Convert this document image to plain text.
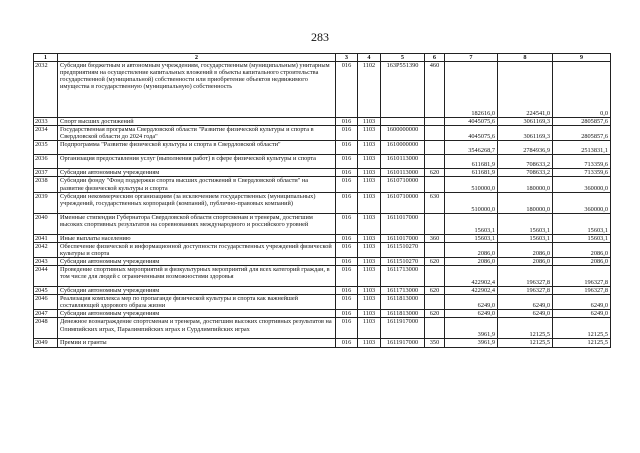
283
1	2	3	4	5	6	7	8	9
2032	Субсидии бюджетным и автономным учреждениям, государственным (муниципальным) унитарным предприятиям на осуществление капитальных вложений в объекты капитального строительства государственной (муниципальной) собственности или приобретение объектов недвижимого имущества в государственную (муниципальную) собственность	016	1102	163P551390	460	182616,0	224541,0	0,0
2033	Спорт высших достижений	016	1103			4045075,6	3061169,3	2805857,6
2034	Государственная программа Свердловской области "Развитие физической культуры и спорта в Свердловской области до 2024 года"	016	1103	1600000000		4045075,6	3061169,3	2805857,6
2035	Подпрограмма "Развитие физической культуры и спорта в Свердловской области"	016	1103	1610000000		3546268,7	2784936,9	2513831,1
2036	Организация предоставления услуг (выполнения работ) в сфере физической культуры и спорта	016	1103	1610113000		611681,9	708633,2	713359,6
2037	Субсидии автономным учреждениям	016	1103	1610113000	620	611681,9	708633,2	713359,6
2038	Субсидии фонду "Фонд поддержки спорта высших достижений в Свердловской области" на развитие физической культуры и спорта	016	1103	1610710000		510000,0	180000,0	360000,0
2039	Субсидии некоммерческим организациям (за исключением государственных (муниципальных) учреждений, государственных корпораций (компаний), публично-правовых компаний)	016	1103	1610710000	630	510000,0	180000,0	360000,0
2040	Именные стипендии Губернатора Свердловской области спортсменам и тренерам, достигшим высоких спортивных результатов на соревнованиях международного и российского уровней	016	1103	1611017000		15603,1	15603,1	15603,1
2041	Иные выплаты населению	016	1103	1611017000	360	15603,1	15603,1	15603,1
2042	Обеспечение физической и информационной доступности государственных учреждений физической культуры и спорта	016	1103	1611510270		2086,0	2086,0	2086,0
2043	Субсидии автономным учреждениям	016	1103	1611510270	620	2086,0	2086,0	2086,0
2044	Проведение спортивных мероприятий и физкультурных мероприятий для всех категорий граждан, в том числе для людей с ограниченными возможностями здоровья	016	1103	1611713000		422902,4	196327,8	196327,8
2045	Субсидии автономным учреждениям	016	1103	1611713000	620	422902,4	196327,8	196327,8
2046	Реализация комплекса мер по пропаганде физической культуры и спорта как важнейшей составляющей здорового образа жизни	016	1103	1611813000		6249,0	6249,0	6249,0
2047	Субсидии автономным учреждениям	016	1103	1611813000	620	6249,0	6249,0	6249,0
2048	Денежное вознаграждение спортсменам и тренерам, достигшим высоких спортивных результатов на Олимпийских играх, Паралимпийских играх и Сурдлимпийских играх	016	1103	1611917000		3961,9	12125,5	12125,5
2049	Премии и гранты	016	1103	1611917000	350	3961,9	12125,5	12125,5
